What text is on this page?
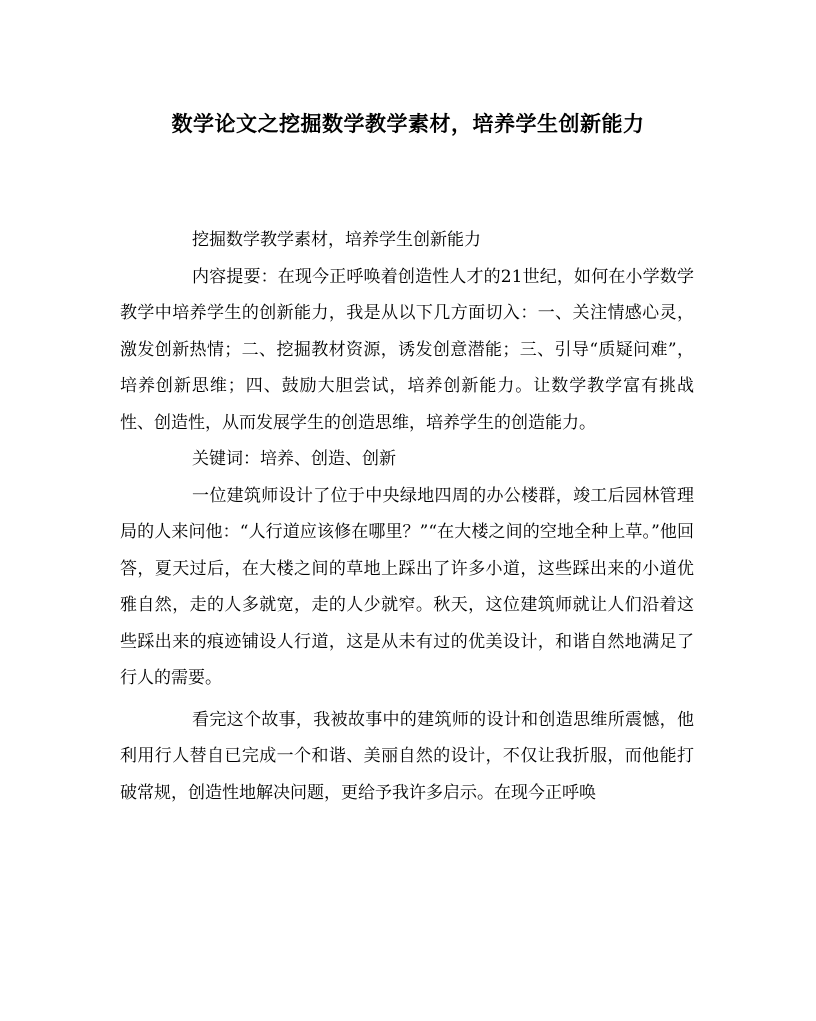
数学论文之挖掘数学教学素材，培养学生创新能力

挖掘数学教学素材，培养学生创新能力

内容提要：在现今正呼唤着创造性人才的21世纪，如何在小学数学教学中培养学生的创新能力，我是从以下几方面切入：一、关注情感心灵，激发创新热情；二、挖掘教材资源，诱发创意潜能；三、引导“质疑问难”，培养创新思维；四、鼓励大胆尝试，培养创新能力。让数学教学富有挑战性、创造性，从而发展学生的创造思维，培养学生的创造能力。

关键词：培养、创造、创新

一位建筑师设计了位于中央绿地四周的办公楼群，竣工后园林管理局的人来问他：“人行道应该修在哪里？”“在大楼之间的空地全种上草。”他回答，夏天过后，在大楼之间的草地上踩出了许多小道，这些踩出来的小道优雅自然，走的人多就宽，走的人少就窄。秋天，这位建筑师就让人们沿着这些踩出来的痕迹铺设人行道，这是从未有过的优美设计，和谐自然地满足了行人的需要。

看完这个故事，我被故事中的建筑师的设计和创造思维所震憾，他利用行人替自已完成一个和谐、美丽自然的设计，不仅让我折服，而他能打破常规，创造性地解决问题，更给予我许多启示。在现今正呼唤
